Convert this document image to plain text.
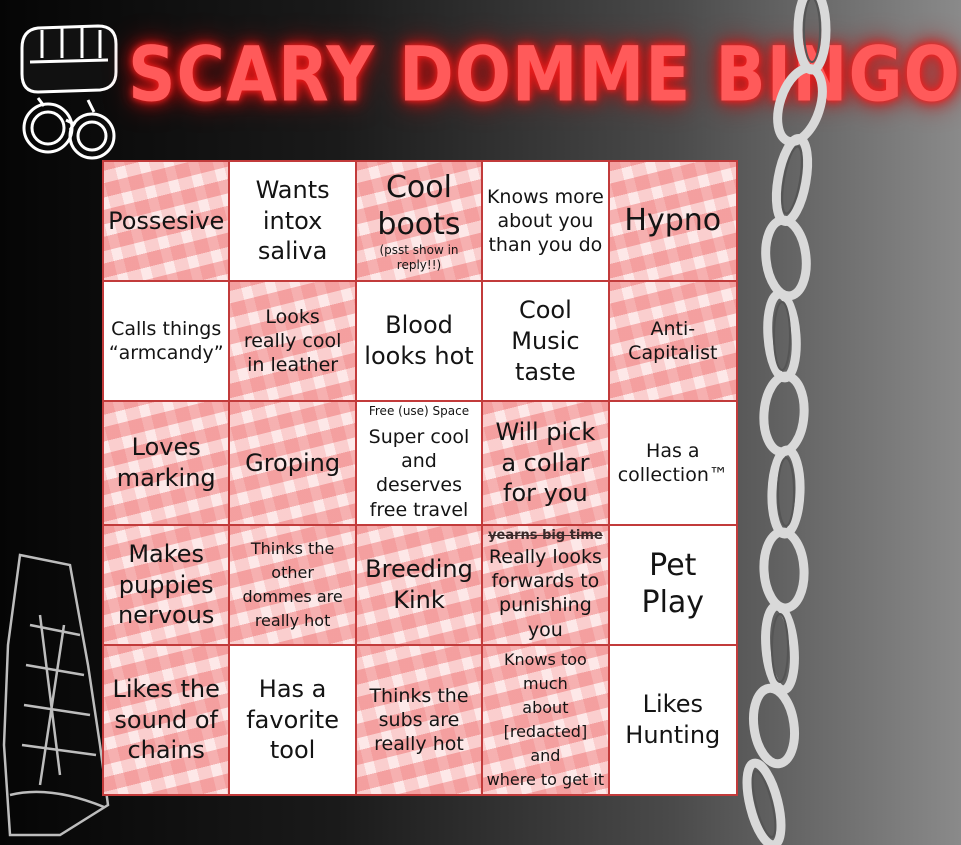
SCARY DOMME BINGO
Possesive
Wants
intox
saliva
Cool
boots
(psst show in reply!!)
Knows more
about you
than you do
Hypno
Calls things
“armcandy”
Looks
really cool
in leather
Blood
looks hot
Cool
Music
taste
Anti-
Capitalist
Loves
marking
Groping
Free (use) Space
Super cool
and deserves
free travel
Will pick
a collar
for you
Has a
collection™
Makes
puppies
nervous
Thinks the
other
dommes are
really hot
Breeding
Kink
yearns big time
Really looks
forwards to
punishing you
Pet
Play
Likes the
sound of
chains
Has a
favorite
tool
Thinks the
subs are
really hot
Knows too much
about
[redacted] and
where to get it
Likes
Hunting
